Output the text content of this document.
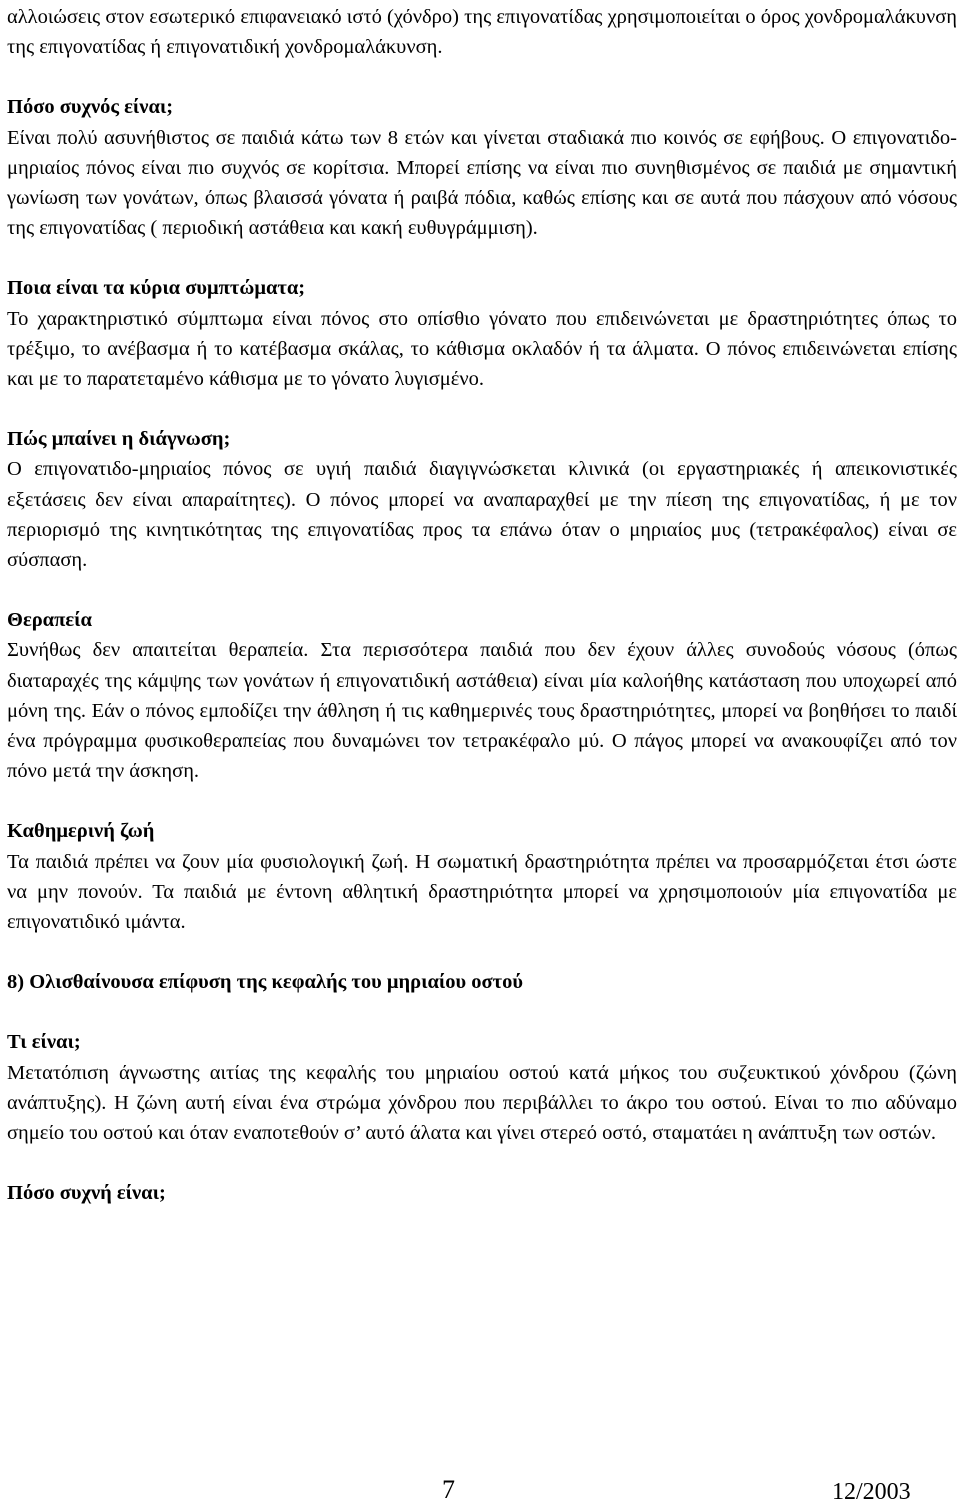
αλλοιώσεις στον εσωτερικό επιφανειακό ιστό (χόνδρο) της επιγονατίδας χρησιμοποιείται ο όρος χονδρομαλάκυνση της επιγονατίδας ή επιγονατιδική χονδρομαλάκυνση.

Πόσο συχνός είναι;

Είναι πολύ ασυνήθιστος σε παιδιά κάτω των 8 ετών και γίνεται σταδιακά πιο κοινός σε εφήβους. Ο επιγονατιδο-μηριαίος πόνος είναι πιο συχνός σε κορίτσια. Μπορεί επίσης να είναι πιο συνηθισμένος σε παιδιά με σημαντική γωνίωση των γονάτων, όπως βλαισσά γόνατα ή ραιβά πόδια, καθώς επίσης και σε αυτά που πάσχουν από νόσους της επιγονατίδας ( περιοδική αστάθεια και κακή ευθυγράμμιση).

Ποια είναι τα κύρια συμπτώματα;

Το χαρακτηριστικό σύμπτωμα είναι πόνος στο οπίσθιο γόνατο που επιδεινώνεται με δραστηριότητες όπως το τρέξιμο, το ανέβασμα ή το κατέβασμα σκάλας, το κάθισμα οκλαδόν ή τα άλματα. Ο πόνος επιδεινώνεται επίσης και με το παρατεταμένο κάθισμα με το γόνατο λυγισμένο.

Πώς μπαίνει η διάγνωση;

Ο επιγονατιδο-μηριαίος πόνος σε υγιή παιδιά διαγιγνώσκεται κλινικά (οι εργαστηριακές ή απεικονιστικές εξετάσεις δεν είναι απαραίτητες). Ο πόνος μπορεί να αναπαραχθεί με την πίεση της επιγονατίδας, ή με τον περιορισμό της κινητικότητας της επιγονατίδας προς τα επάνω όταν ο μηριαίος μυς (τετρακέφαλος) είναι σε σύσπαση.

Θεραπεία

Συνήθως δεν απαιτείται θεραπεία. Στα περισσότερα παιδιά που δεν έχουν άλλες συνοδούς νόσους (όπως διαταραχές της κάμψης των γονάτων ή επιγονατιδική αστάθεια) είναι μία καλοήθης κατάσταση που υποχωρεί από μόνη της. Εάν ο πόνος εμποδίζει την άθληση ή τις καθημερινές τους δραστηριότητες, μπορεί να βοηθήσει το παιδί ένα πρόγραμμα φυσικοθεραπείας που δυναμώνει τον τετρακέφαλο μύ. Ο πάγος μπορεί να ανακουφίζει από τον πόνο μετά την άσκηση.

Καθημερινή ζωή

Τα παιδιά πρέπει να ζουν μία φυσιολογική ζωή. Η σωματική δραστηριότητα πρέπει να προσαρμόζεται έτσι ώστε να μην πονούν. Τα παιδιά με έντονη αθλητική δραστηριότητα μπορεί να χρησιμοποιούν μία επιγονατίδα με επιγονατιδικό ιμάντα.

8) Ολισθαίνουσα επίφυση της κεφαλής του μηριαίου οστού

Τι είναι;

Μετατόπιση άγνωστης αιτίας της κεφαλής του μηριαίου οστού κατά μήκος του συζευκτικού χόνδρου (ζώνη ανάπτυξης). Η ζώνη αυτή είναι ένα στρώμα χόνδρου που περιβάλλει το άκρο του οστού. Είναι το πιο αδύναμο σημείο του οστού και όταν εναποτεθούν σ’ αυτό άλατα και γίνει στερεό οστό, σταματάει η ανάπτυξη των οστών.

Πόσο συχνή είναι;

7	12/2003
